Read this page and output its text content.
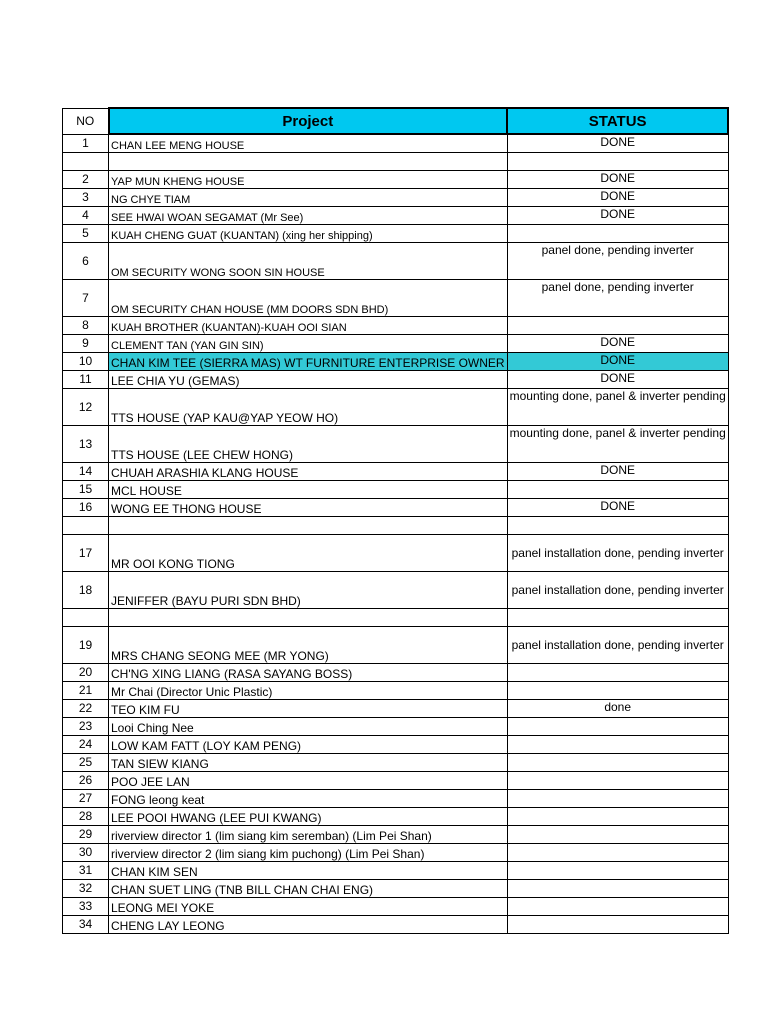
NO	Project	STATUS
1	CHAN LEE MENG HOUSE	DONE

2	YAP MUN KHENG HOUSE	DONE
3	NG CHYE TIAM	DONE
4	SEE HWAI WOAN SEGAMAT (Mr See)	DONE
5	KUAH CHENG GUAT (KUANTAN) (xing her shipping)	
6	OM SECURITY WONG SOON SIN HOUSE	panel done, pending inverter
7	OM SECURITY CHAN HOUSE (MM DOORS SDN BHD)	panel done, pending inverter
8	KUAH BROTHER (KUANTAN)-KUAH OOI SIAN	
9	CLEMENT TAN (YAN GIN SIN)	DONE
10	CHAN KIM TEE (SIERRA MAS) WT FURNITURE ENTERPRISE OWNER	DONE
11	LEE CHIA YU (GEMAS)	DONE
12	TTS HOUSE (YAP KAU@YAP YEOW HO)	mounting done, panel & inverter pending
13	TTS HOUSE (LEE CHEW HONG)	mounting done, panel & inverter pending
14	CHUAH ARASHIA KLANG HOUSE	DONE
15	MCL HOUSE	
16	WONG EE THONG HOUSE	DONE

17	MR OOI KONG TIONG	panel installation done, pending inverter
18	JENIFFER (BAYU PURI SDN BHD)	panel installation done, pending inverter

19	MRS CHANG SEONG MEE (MR YONG)	panel installation done, pending inverter
20	CH'NG XING LIANG (RASA SAYANG BOSS)	
21	Mr Chai (Director Unic Plastic)	
22	TEO KIM FU	done
23	Looi Ching Nee	
24	LOW KAM FATT (LOY KAM PENG)	
25	TAN SIEW KIANG	
26	POO JEE LAN	
27	FONG leong keat	
28	LEE POOI HWANG (LEE PUI KWANG)	
29	riverview director 1 (lim siang kim seremban) (Lim Pei Shan)	
30	riverview director 2 (lim siang kim puchong) (Lim Pei Shan)	
31	CHAN KIM SEN	
32	CHAN SUET LING (TNB BILL CHAN CHAI ENG)	
33	LEONG MEI YOKE	
34	CHENG LAY LEONG	
